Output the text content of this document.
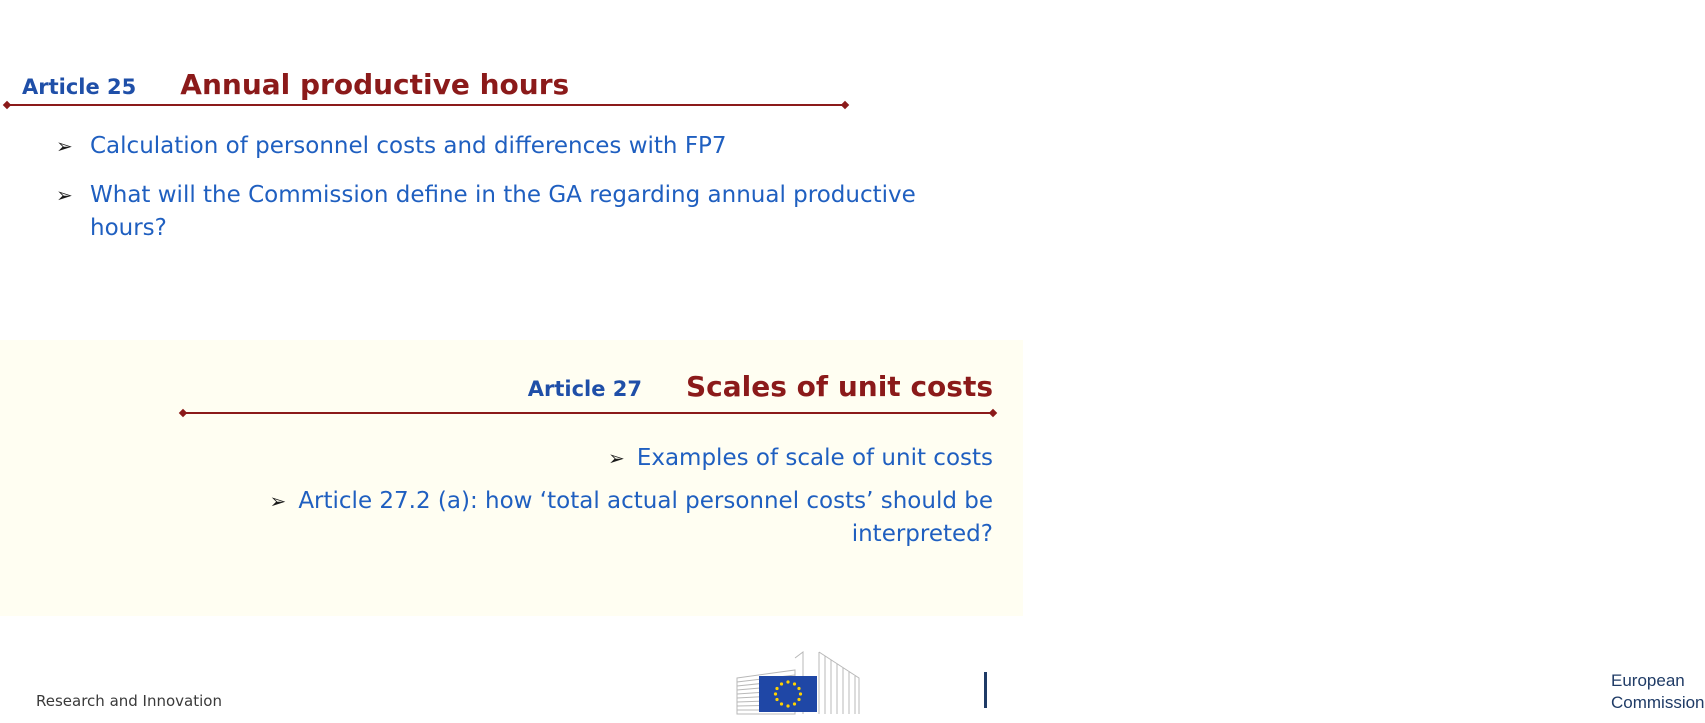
Article 25 Annual productive hours
➢ Calculation of personnel costs and differences with FP7
➢ What will the Commission define in the GA regarding annual productive hours?
Article 27 Scales of unit costs
➢ Examples of scale of unit costs
➢ Article 27.2 (a): how ‘total actual personnel costs’ should be interpreted?
Research and Innovation
European
Commission
